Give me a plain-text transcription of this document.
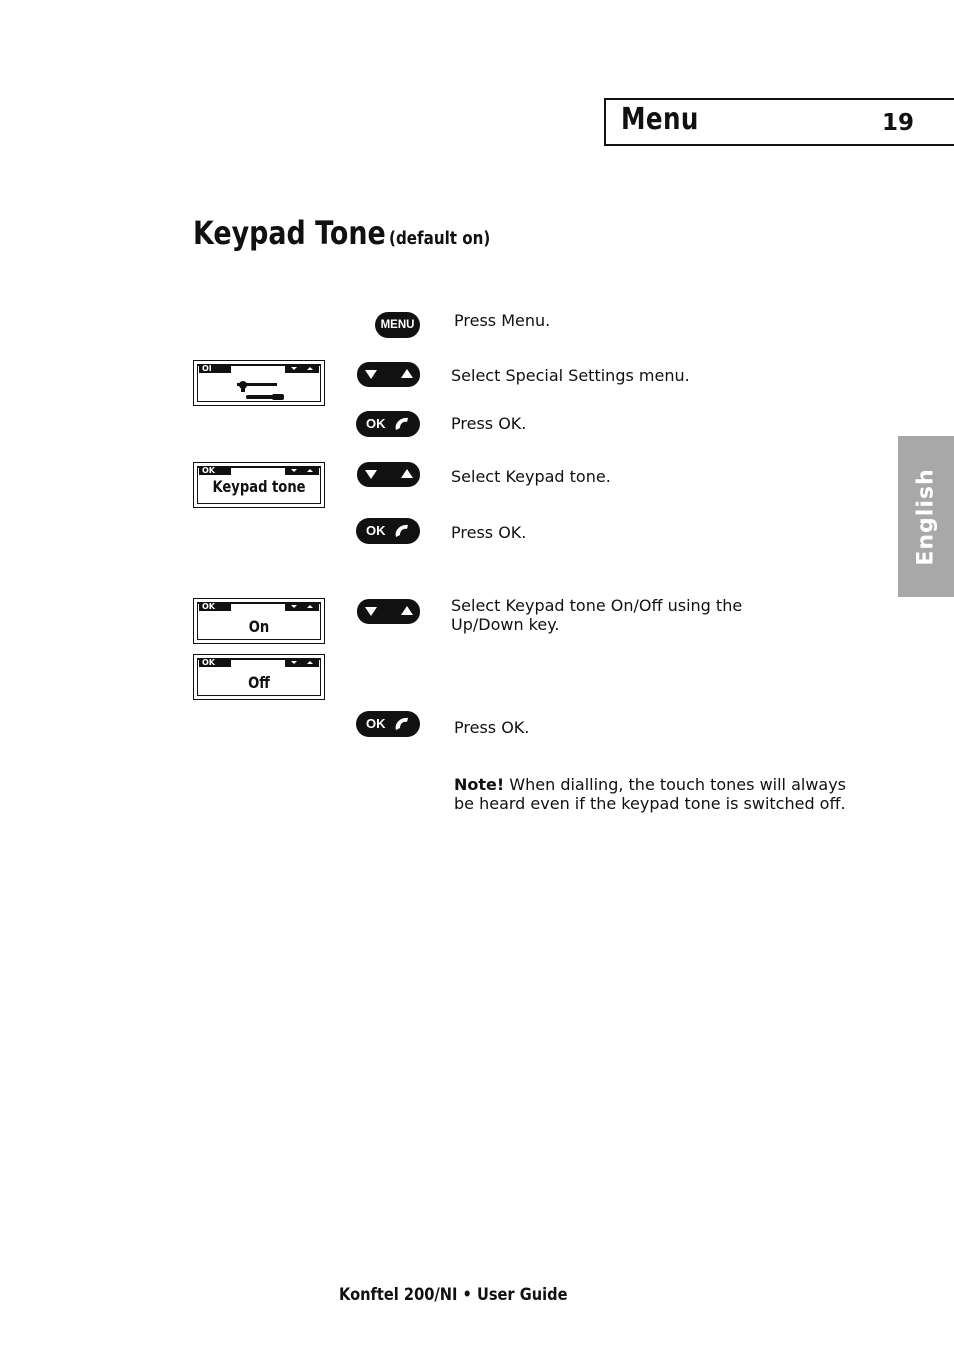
Menu	19
English
Keypad Tone (default on)
MENU Press Menu.
OI	Select Special Settings menu.
OK	Press OK.
OK
Keypad tone
Select Keypad tone.
OK	Press OK.
OK
On
OK
Off
Select Keypad tone On/Off using the
Up/Down key.
OK	Press OK.
Note! When dialling, the touch tones will always be heard even if the keypad tone is switched off.
Konftel 200/NI • User Guide
